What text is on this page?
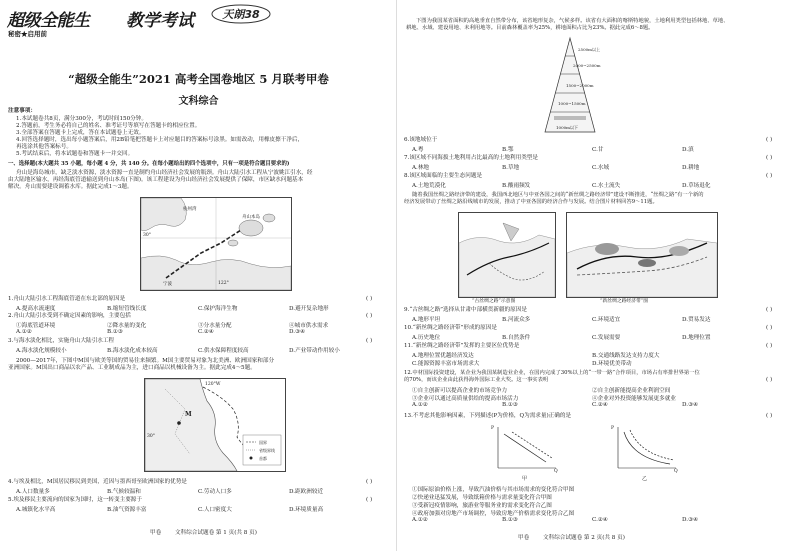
超级全能生 教学考试	天朗38
秘密★启用前
“超级全能生”2021 高考全国卷地区 5 月联考甲卷
文科综合
注意事项：
1.本试题卷共8页，满分300分，考试时间150分钟。
2.答题前，考生务必将自己的姓名、准考证号等填写在答题卡的相应位置。
3.全部答案在答题卡上完成，答在本试题卷上无效。
4.回答选择题时，选出每小题答案后，用2B铅笔把答题卡上对应题目的答案标号涂黑。如需改动，用橡皮擦干净后，
再选涂其他答案标号。
5.考试结束后，将本试题卷和答题卡一并交回。
一、选择题(本大题共 35 小题，每小题 4 分，共 140 分。在每小题给出的四个选项中，只有一项是符合题目要求的)
舟山是海岛城市，缺乏淡水资源，淡水资源一直是制约舟山经济社会发展的瓶颈。舟山大陆引水工程从宁波姚江引水，经
由大陆地区输水，再经海底管道输送到舟山本岛(下图)。该工程建设为舟山经济社会发展提供了保障，市区缺水问题基本
解决。舟山需要建设调蓄水库。据此完成1～3题。
舟山本岛
30°
122°
杭州湾
宁波
1.舟山大陆引水工程海底管道在东北部的原因是	( )
A.提高水流速度	B.缩短管线长度	C.保护海洋生物	D.避开复杂地形
2.舟山大陆引水受到不确定因素的影响，主要包括	( )
①海底管道环境	②降水量的变化	③分水量分配	④城市供水需求
A.①②	B.①③	C.②④	D.③④
3.与海水淡化相比，实施舟山大陆引水工程	( )
A.海水淡化规模较小	B.海水淡化成本较高	C.供水保障程度较高	D.产业带动作用较小
2000—2017年，下图中M国与欧美等国的贸易往来频繁。M国主要贸易对象为北美洲、欧洲国家和部分
亚洲国家。M国出口商品以农产品、工业制成品为主，进口商品以机械设备为主。据此完成4～5题。
M
30°
120°W
国界
省级界线
首都
4.与埃及相比，M国居民移民到美国，近因与墨西哥至欧洲国家的优势是	( )
A.人口数量多	B.气候较温和	C.劳动人口多	D.距欧洲较近
5.埃及移民主要流向的国家为国时，这一转变主要源于	( )
A.城镇化水平高	B.油气资源丰富	C.人口密度大	D.环境质量高
甲卷 文科综合试题卷 第 1 页(共 8 页)
下图为我国某省面积的高地垂直自然带分布，该省地形复杂，气候多样。该省有大面积的喀斯特地貌，土地利用类型包括林地、草地、
耕地、水域、建设用地、未利用地等。目前森林覆盖率为25%，耕地面积占比为23%。据此完成6～8题。
2500m以上
2000~2500m
1500~2000m
1000~1500m
1000m以下
6.该地域位于	( )
A.粤	B.鄂	C.甘	D.滇
7.该区域不同海拔土地利用占比最高的土地利用类型是	( )
A.林地	B.草地	C.水域	D.耕地
8.该区域面临的主要生态问题是	( )
A.土地荒漠化	B.酸雨频发	C.水土流失	D.草场退化
随着我国丝绸之路经济带的建设，我国西北地区与中亚各国之间的“新丝绸之路经济带”建设不断推进，“丝绸之路”有一个新的
经济发展带动了丝绸之路沿线城市的发展，推动了中亚各国的经济合作与发展。结合图片材料回答9～11题。
“古丝绸之路”示意图	“新丝绸之路经济带”图
9.“古丝绸之路”选择从甘肃中部横贯新疆的原因是	( )
A.地形平坦	B.河流众多	C.环境适宜	D.贸易发达
10.“新丝绸之路经济带”形成的原因是	( )
A.历史地位	B.自然条件	C.发展需要	D.地理位置
11.“新丝绸之路经济带”发挥的主要区位优势是	( )
A.地理位置优越经济发达	B.交通线路发达支持力度大
C.能源资源丰富市场需求大	D.环境优美带动
12.中材国际投资建设，某企业为我国某制造业企业，在国内完成了30%以上的“一带一路”合作项目，市场占有率排世界第一位
的70%，而该企业由此获得海外国际工业大奖。这一事实表明	( )
①自主创新可以提高企业的市场竞争力	②自主创新能提高企业利润空间
③企业可以通过高质量供给的提高市场活力	④企业对外投资能够发展更多就业
A.①②	B.①③	C.②④	D.③④
13.不考虑其他影响因素，下列描述(P为价格，Q为需求量)正确的是	( )
P
Q
甲
P
Q
乙
①国际原油价格上涨，导致汽油价格与其市场需求的变化符合甲图
②快递业迅猛发展，导致纸箱价格与需求量变化符合甲图
③受新冠疫情影响，旅游业等服务业的需求变化符合乙图
④政府加强对房地产市场调控，导致房地产价格需求变化符合乙图
A.①②	B.①③	C.②④	D.③④
甲卷 文科综合试题卷 第 2 页(共 8 页)
